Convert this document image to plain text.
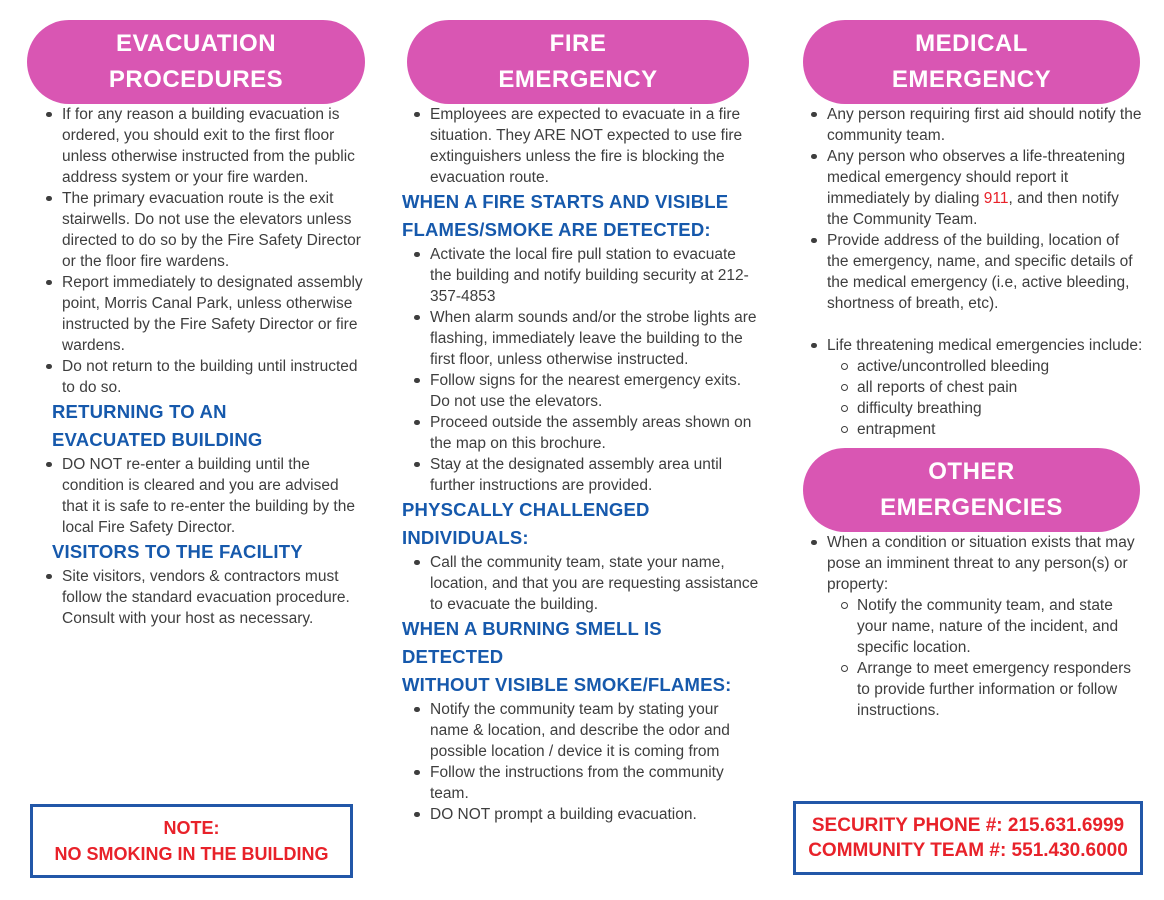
EVACUATION
PROCEDURES
If for any reason a building evacuation is ordered, you should exit to the first floor unless otherwise instructed from the public address system or your fire warden.
The primary evacuation route is the exit stairwells. Do not use the elevators unless directed to do so by the Fire Safety Director or the floor fire wardens.
Report immediately to designated assembly point, Morris Canal Park, unless otherwise instructed by the Fire Safety Director or fire wardens.
Do not return to the building until instructed to do so.
RETURNING TO AN
EVACUATED BUILDING
DO NOT re-enter a building until the condition is cleared and you are advised that it is safe to re-enter the building by the local Fire Safety Director.
VISITORS TO THE FACILITY
Site visitors, vendors & contractors must follow the standard evacuation procedure. Consult with your host as necessary.
NOTE:
NO SMOKING IN THE BUILDING
FIRE
EMERGENCY
Employees are expected to evacuate in a fire situation. They ARE NOT expected to use fire extinguishers unless the fire is blocking the evacuation route.
WHEN A FIRE STARTS AND VISIBLE
FLAMES/SMOKE ARE DETECTED:
Activate the local fire pull station to evacuate the building and notify building security at 212-357-4853
When alarm sounds and/or the strobe lights are flashing, immediately leave the building to the first floor, unless otherwise instructed.
Follow signs for the nearest emergency exits. Do not use the elevators.
Proceed outside the assembly areas shown on the map on this brochure.
Stay at the designated assembly area until further instructions are provided.
PHYSCALLY CHALLENGED
INDIVIDUALS:
Call the community team, state your name, location, and that you are requesting assistance to evacuate the building.
WHEN A BURNING SMELL IS DETECTED
WITHOUT VISIBLE SMOKE/FLAMES:
Notify the community team by stating your name & location, and describe the odor and possible location / device it is coming from
Follow the instructions from the community team.
DO NOT prompt a building evacuation.
MEDICAL
EMERGENCY
Any person requiring first aid should notify the community team.
Any person who observes a life-threatening medical emergency should report it immediately by dialing 911, and then notify the Community Team.
Provide address of the building, location of the emergency, name, and specific details of the medical emergency (i.e, active bleeding, shortness of breath, etc).
Life threatening medical emergencies include:
active/uncontrolled bleeding
all reports of chest pain
difficulty breathing
entrapment
OTHER
EMERGENCIES
When a condition or situation exists that may pose an imminent threat to any person(s) or property:
Notify the community team, and state your name, nature of the incident, and specific location.
Arrange to meet emergency responders to provide further information or follow instructions.
SECURITY PHONE #: 215.631.6999
COMMUNITY TEAM #: 551.430.6000
